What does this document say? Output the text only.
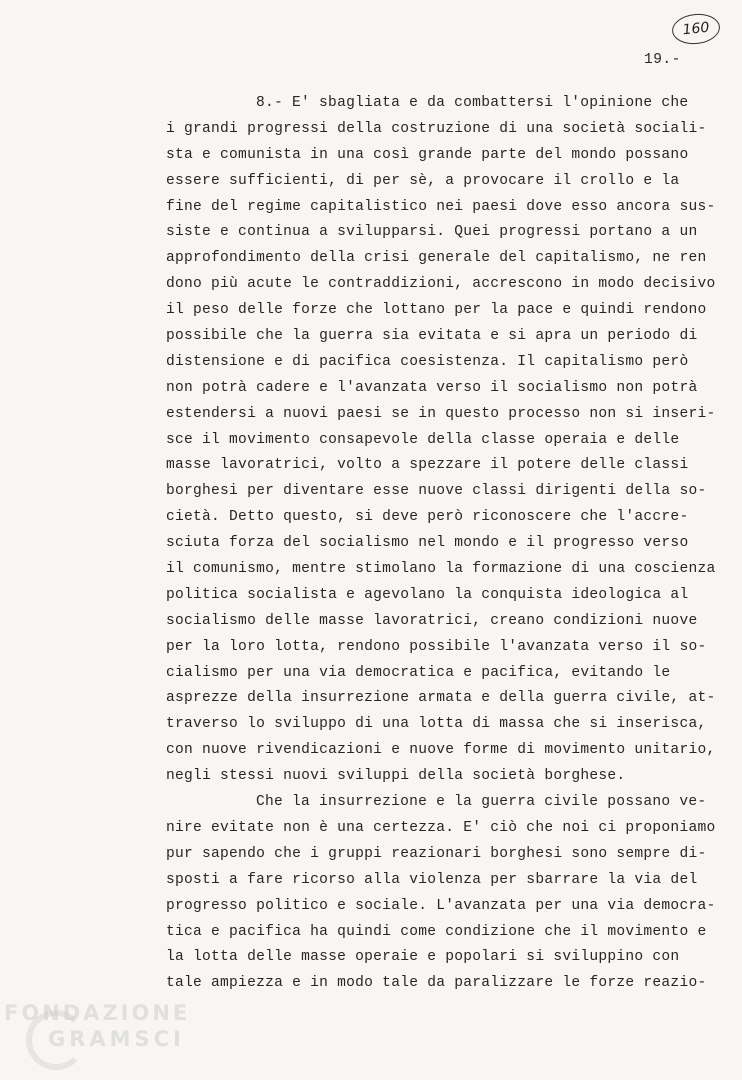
160
19.-
8.- E' sbagliata e da combattersi l'opinione che
i grandi progressi della costruzione di una società sociali-
sta e comunista in una così grande parte del mondo possano
essere sufficienti, di per sè, a provocare il crollo e la
fine del regime capitalistico nei paesi dove esso ancora sus-
siste e continua a svilupparsi. Quei progressi portano a un
approfondimento della crisi generale del capitalismo, ne ren
dono più acute le contraddizioni, accrescono in modo decisivo
il peso delle forze che lottano per la pace e quindi rendono
possibile che la guerra sia evitata e si apra un periodo di
distensione e di pacifica coesistenza. Il capitalismo però
non potrà cadere e l'avanzata verso il socialismo non potrà
estendersi a nuovi paesi se in questo processo non si inseri-
sce il movimento consapevole della classe operaia e delle
masse lavoratrici, volto a spezzare il potere delle classi
borghesi per diventare esse nuove classi dirigenti della so-
cietà. Detto questo, si deve però riconoscere che l'accre-
sciuta forza del socialismo nel mondo e il progresso verso
il comunismo, mentre stimolano la formazione di una coscienza
politica socialista e agevolano la conquista ideologica al
socialismo delle masse lavoratrici, creano condizioni nuove
per la loro lotta, rendono possibile l'avanzata verso il so-
cialismo per una via democratica e pacifica, evitando le
asprezze della insurrezione armata e della guerra civile, at-
traverso lo sviluppo di una lotta di massa che si inserisca,
con nuove rivendicazioni e nuove forme di movimento unitario,
negli stessi nuovi sviluppi della società borghese.
Che la insurrezione e la guerra civile possano ve-
nire evitate non è una certezza. E' ciò che noi ci proponiamo
pur sapendo che i gruppi reazionari borghesi sono sempre di-
sposti a fare ricorso alla violenza per sbarrare la via del
progresso politico e sociale. L'avanzata per una via democra-
tica e pacifica ha quindi come condizione che il movimento e
la lotta delle masse operaie e popolari si sviluppino con
tale ampiezza e in modo tale da paralizzare le forze reazio-
FONDAZIONE
GRAMSCI
